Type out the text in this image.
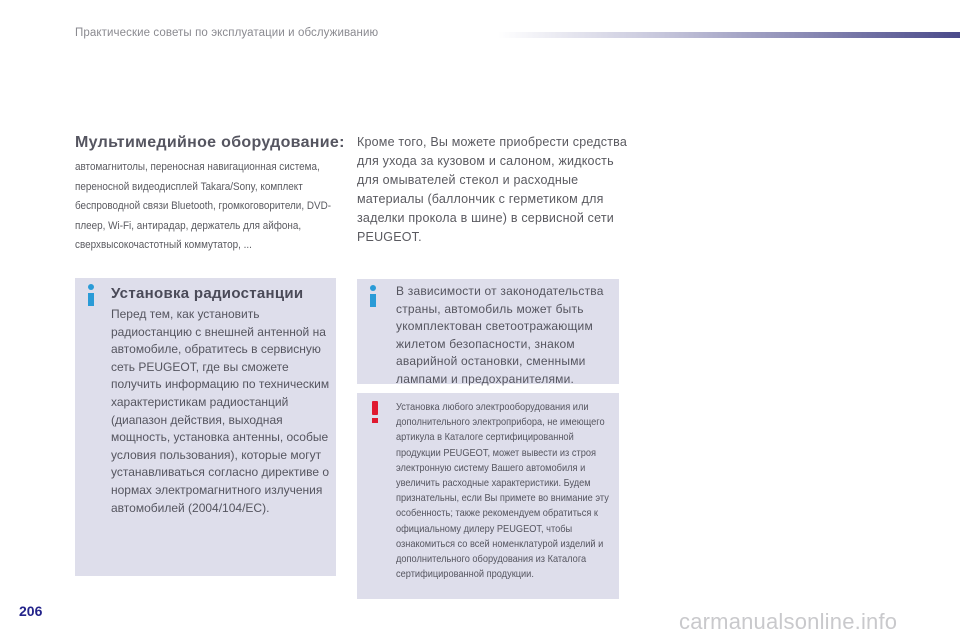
Практические советы по эксплуатации и обслуживанию
Мультимедийное оборудование:
автомагнитолы, переносная навигационная система, переносной видеодисплей Takara/Sony, комплект беспроводной связи Bluetooth, громкоговорители, DVD-плеер, Wi-Fi, антирадар, держатель для айфона, сверхвысокочастотный коммутатор, ...
Кроме того, Вы можете приобрести средства для ухода за кузовом и салоном, жидкость для омывателей стекол и расходные материалы (баллончик с герметиком для заделки прокола в шине) в сервисной сети PEUGEOT.
Установка радиостанции
Перед тем, как установить радиостанцию с внешней антенной на автомобиле, обратитесь в сервисную сеть PEUGEOT, где вы сможете получить информацию по техническим характеристикам радиостанций (диапазон действия, выходная мощность, установка антенны, особые условия пользования), которые могут устанавливаться согласно директиве о нормах электромагнитного излучения автомобилей (2004/104/ЕС).
В зависимости от законодательства страны, автомобиль может быть укомплектован светоотражающим жилетом безопасности, знаком аварийной остановки, сменными лампами и предохранителями.
Установка любого электрооборудования или дополнительного электроприбора, не имеющего артикула в Каталоге сертифицированной продукции PEUGEOT, может вывести из строя электронную систему Вашего автомобиля и увеличить расходные характеристики. Будем признательны, если Вы примете во внимание эту особенность; также рекомендуем обратиться к официальному дилеру PEUGEOT, чтобы ознакомиться со всей номенклатурой изделий и дополнительного оборудования из Каталога сертифицированной продукции.
206	carmanualsonline.info
